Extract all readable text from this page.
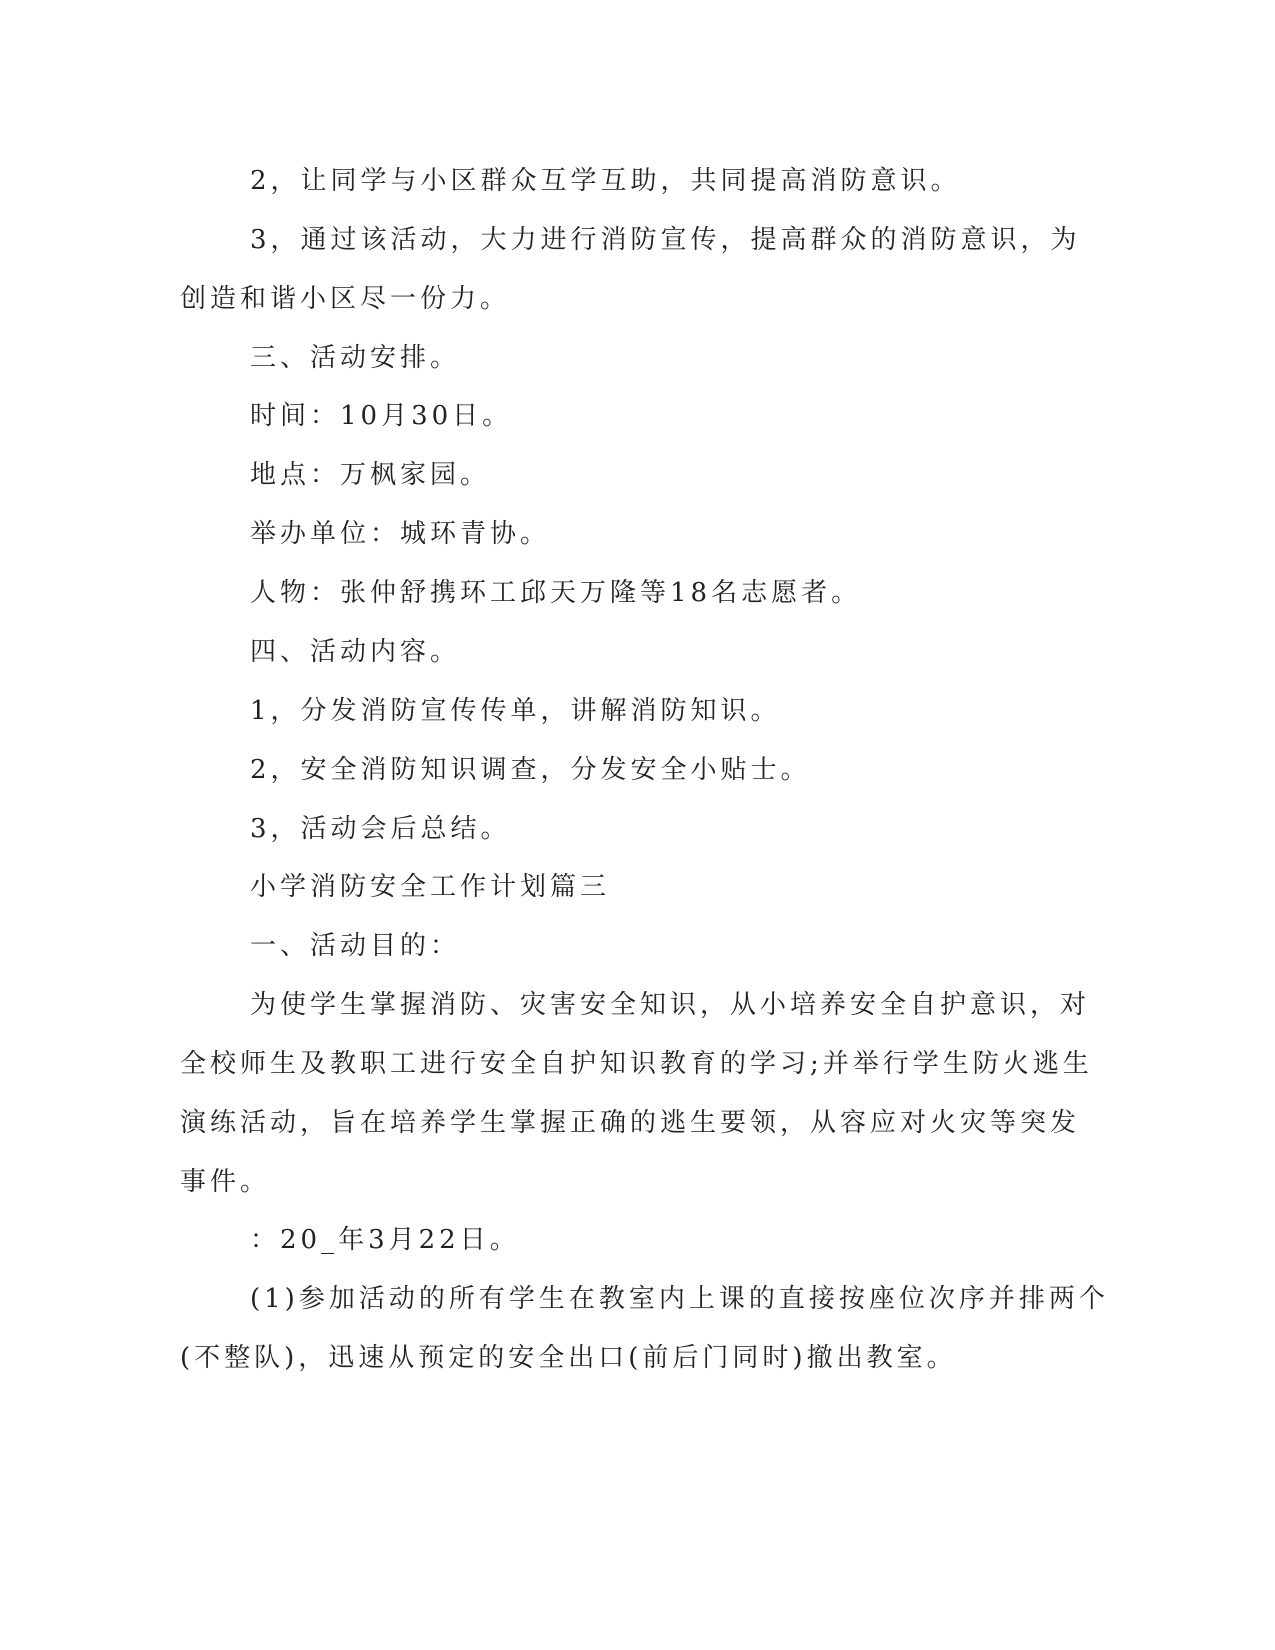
2，让同学与小区群众互学互助，共同提高消防意识。
3，通过该活动，大力进行消防宣传，提高群众的消防意识，为
创造和谐小区尽一份力。
三、活动安排。
时间：10月30日。
地点：万枫家园。
举办单位：城环青协。
人物：张仲舒携环工邱天万隆等18名志愿者。
四、活动内容。
1，分发消防宣传传单，讲解消防知识。
2，安全消防知识调查，分发安全小贴士。
3，活动会后总结。
小学消防安全工作计划篇三
一、活动目的：
为使学生掌握消防、灾害安全知识，从小培养安全自护意识，对
全校师生及教职工进行安全自护知识教育的学习;并举行学生防火逃生
演练活动，旨在培养学生掌握正确的逃生要领，从容应对火灾等突发
事件。
：20_年3月22日。
(1)参加活动的所有学生在教室内上课的直接按座位次序并排两个
(不整队)，迅速从预定的安全出口(前后门同时)撤出教室。
